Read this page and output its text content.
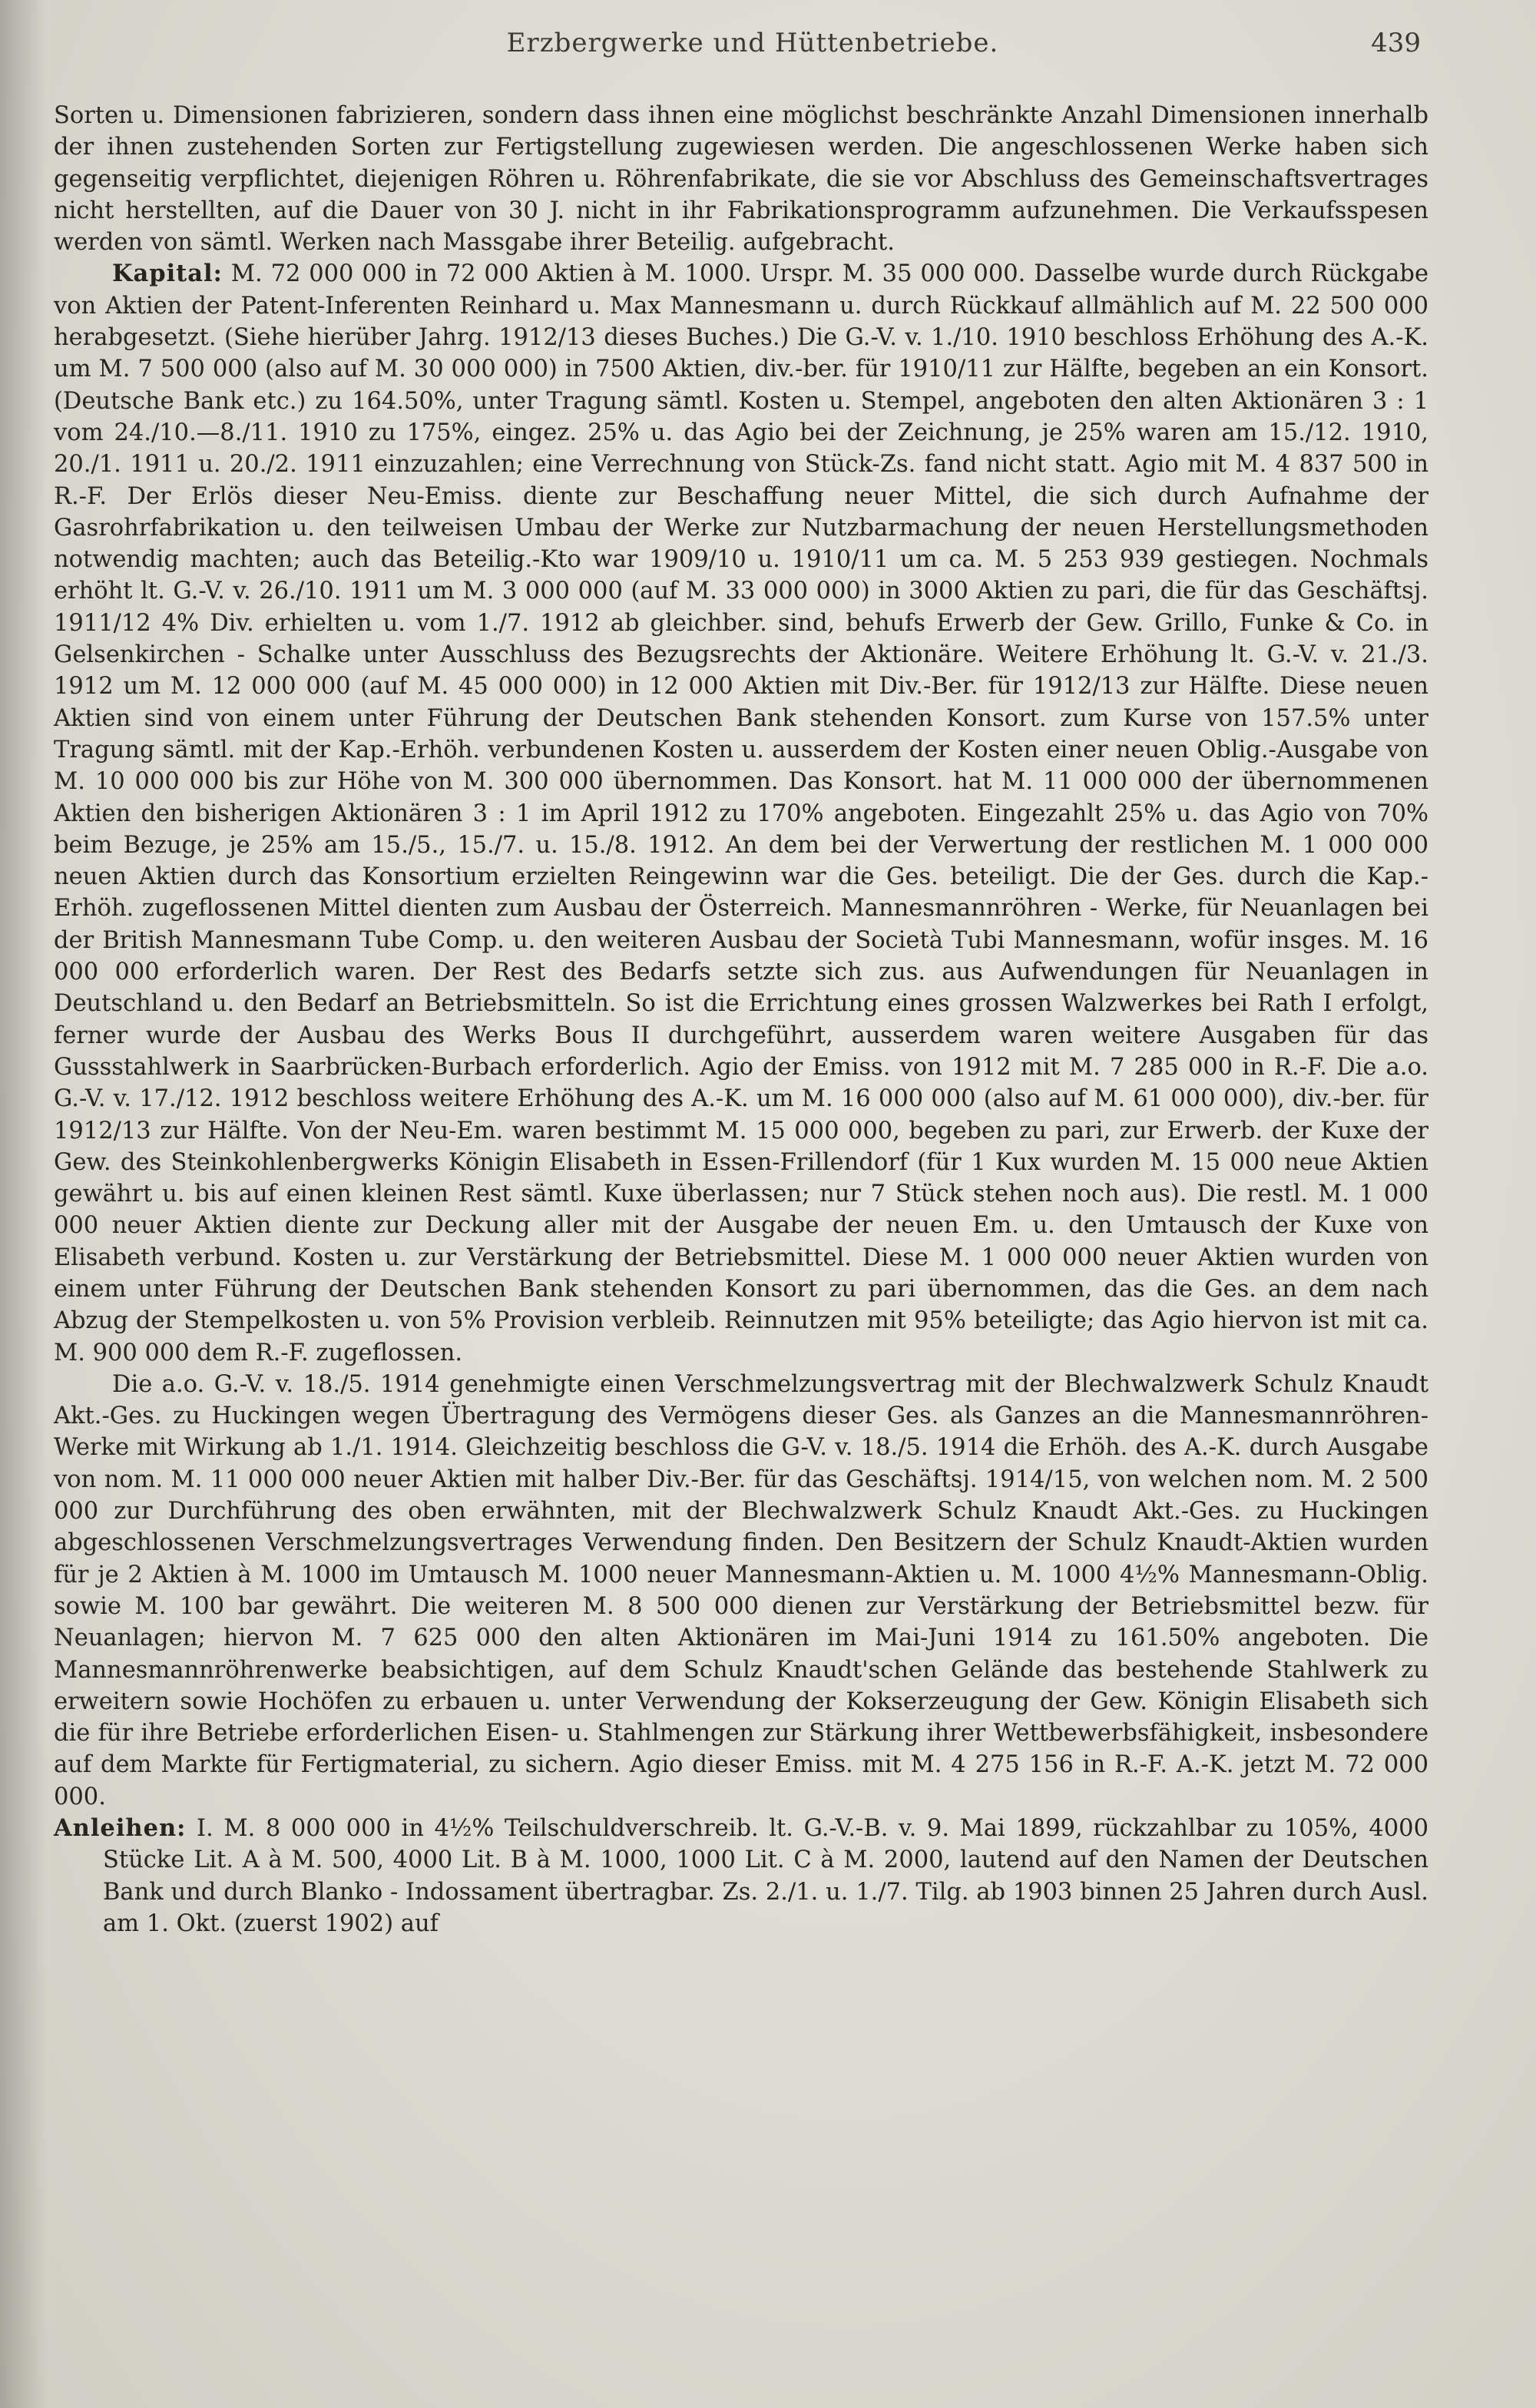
Erzbergwerke und Hüttenbetriebe.	439

Sorten u. Dimensionen fabrizieren, sondern dass ihnen eine möglichst beschränkte Anzahl Dimensionen innerhalb der ihnen zustehenden Sorten zur Fertigstellung zugewiesen werden. Die angeschlossenen Werke haben sich gegenseitig verpflichtet, diejenigen Röhren u. Röhrenfabrikate, die sie vor Abschluss des Gemeinschaftsvertrages nicht herstellten, auf die Dauer von 30 J. nicht in ihr Fabrikationsprogramm aufzunehmen. Die Verkaufsspesen werden von sämtl. Werken nach Massgabe ihrer Beteilig. aufgebracht.

Kapital: M. 72 000 000 in 72 000 Aktien à M. 1000. Urspr. M. 35 000 000. Dasselbe wurde durch Rückgabe von Aktien der Patent-Inferenten Reinhard u. Max Mannesmann u. durch Rückkauf allmählich auf M. 22 500 000 herabgesetzt. (Siehe hierüber Jahrg. 1912/13 dieses Buches.) Die G.-V. v. 1./10. 1910 beschloss Erhöhung des A.-K. um M. 7 500 000 (also auf M. 30 000 000) in 7500 Aktien, div.-ber. für 1910/11 zur Hälfte, begeben an ein Konsort. (Deutsche Bank etc.) zu 164.50%, unter Tragung sämtl. Kosten u. Stempel, angeboten den alten Aktionären 3 : 1 vom 24./10.—8./11. 1910 zu 175%, eingez. 25% u. das Agio bei der Zeichnung, je 25% waren am 15./12. 1910, 20./1. 1911 u. 20./2. 1911 einzuzahlen; eine Verrechnung von Stück-Zs. fand nicht statt. Agio mit M. 4 837 500 in R.-F. Der Erlös dieser Neu-Emiss. diente zur Beschaffung neuer Mittel, die sich durch Aufnahme der Gasrohrfabrikation u. den teilweisen Umbau der Werke zur Nutzbarmachung der neuen Herstellungsmethoden notwendig machten; auch das Beteilig.-Kto war 1909/10 u. 1910/11 um ca. M. 5 253 939 gestiegen. Nochmals erhöht lt. G.-V. v. 26./10. 1911 um M. 3 000 000 (auf M. 33 000 000) in 3000 Aktien zu pari, die für das Geschäftsj. 1911/12 4% Div. erhielten u. vom 1./7. 1912 ab gleichber. sind, behufs Erwerb der Gew. Grillo, Funke & Co. in Gelsenkirchen - Schalke unter Ausschluss des Bezugsrechts der Aktionäre. Weitere Erhöhung lt. G.-V. v. 21./3. 1912 um M. 12 000 000 (auf M. 45 000 000) in 12 000 Aktien mit Div.-Ber. für 1912/13 zur Hälfte. Diese neuen Aktien sind von einem unter Führung der Deutschen Bank stehenden Konsort. zum Kurse von 157.5% unter Tragung sämtl. mit der Kap.-Erhöh. verbundenen Kosten u. ausserdem der Kosten einer neuen Oblig.-Ausgabe von M. 10 000 000 bis zur Höhe von M. 300 000 übernommen. Das Konsort. hat M. 11 000 000 der übernommenen Aktien den bisherigen Aktionären 3 : 1 im April 1912 zu 170% angeboten. Eingezahlt 25% u. das Agio von 70% beim Bezuge, je 25% am 15./5., 15./7. u. 15./8. 1912. An dem bei der Verwertung der restlichen M. 1 000 000 neuen Aktien durch das Konsortium erzielten Reingewinn war die Ges. beteiligt. Die der Ges. durch die Kap.-Erhöh. zugeflossenen Mittel dienten zum Ausbau der Österreich. Mannesmannröhren - Werke, für Neuanlagen bei der British Mannesmann Tube Comp. u. den weiteren Ausbau der Società Tubi Mannesmann, wofür insges. M. 16 000 000 erforderlich waren. Der Rest des Bedarfs setzte sich zus. aus Aufwendungen für Neuanlagen in Deutschland u. den Bedarf an Betriebsmitteln. So ist die Errichtung eines grossen Walzwerkes bei Rath I erfolgt, ferner wurde der Ausbau des Werks Bous II durchgeführt, ausserdem waren weitere Ausgaben für das Gussstahlwerk in Saarbrücken-Burbach erforderlich. Agio der Emiss. von 1912 mit M. 7 285 000 in R.-F. Die a.o. G.-V. v. 17./12. 1912 beschloss weitere Erhöhung des A.-K. um M. 16 000 000 (also auf M. 61 000 000), div.-ber. für 1912/13 zur Hälfte. Von der Neu-Em. waren bestimmt M. 15 000 000, begeben zu pari, zur Erwerb. der Kuxe der Gew. des Steinkohlenbergwerks Königin Elisabeth in Essen-Frillendorf (für 1 Kux wurden M. 15 000 neue Aktien gewährt u. bis auf einen kleinen Rest sämtl. Kuxe überlassen; nur 7 Stück stehen noch aus). Die restl. M. 1 000 000 neuer Aktien diente zur Deckung aller mit der Ausgabe der neuen Em. u. den Umtausch der Kuxe von Elisabeth verbund. Kosten u. zur Verstärkung der Betriebsmittel. Diese M. 1 000 000 neuer Aktien wurden von einem unter Führung der Deutschen Bank stehenden Konsort zu pari übernommen, das die Ges. an dem nach Abzug der Stempelkosten u. von 5% Provision verbleib. Reinnutzen mit 95% beteiligte; das Agio hiervon ist mit ca. M. 900 000 dem R.-F. zugeflossen.

Die a.o. G.-V. v. 18./5. 1914 genehmigte einen Verschmelzungsvertrag mit der Blechwalzwerk Schulz Knaudt Akt.-Ges. zu Huckingen wegen Übertragung des Vermögens dieser Ges. als Ganzes an die Mannesmannröhren-Werke mit Wirkung ab 1./1. 1914. Gleichzeitig beschloss die G-V. v. 18./5. 1914 die Erhöh. des A.-K. durch Ausgabe von nom. M. 11 000 000 neuer Aktien mit halber Div.-Ber. für das Geschäftsj. 1914/15, von welchen nom. M. 2 500 000 zur Durchführung des oben erwähnten, mit der Blechwalzwerk Schulz Knaudt Akt.-Ges. zu Huckingen abgeschlossenen Verschmelzungsvertrages Verwendung finden. Den Besitzern der Schulz Knaudt-Aktien wurden für je 2 Aktien à M. 1000 im Umtausch M. 1000 neuer Mannesmann-Aktien u. M. 1000 4½% Mannesmann-Oblig. sowie M. 100 bar gewährt. Die weiteren M. 8 500 000 dienen zur Verstärkung der Betriebsmittel bezw. für Neuanlagen; hiervon M. 7 625 000 den alten Aktionären im Mai-Juni 1914 zu 161.50% angeboten. Die Mannesmannröhrenwerke beabsichtigen, auf dem Schulz Knaudt'schen Gelände das bestehende Stahlwerk zu erweitern sowie Hochöfen zu erbauen u. unter Verwendung der Kokserzeugung der Gew. Königin Elisabeth sich die für ihre Betriebe erforderlichen Eisen- u. Stahlmengen zur Stärkung ihrer Wettbewerbsfähigkeit, insbesondere auf dem Markte für Fertigmaterial, zu sichern. Agio dieser Emiss. mit M. 4 275 156 in R.-F. A.-K. jetzt M. 72 000 000.

Anleihen: I. M. 8 000 000 in 4½% Teilschuldverschreib. lt. G.-V.-B. v. 9. Mai 1899, rückzahlbar zu 105%, 4000 Stücke Lit. A à M. 500, 4000 Lit. B à M. 1000, 1000 Lit. C à M. 2000, lautend auf den Namen der Deutschen Bank und durch Blanko - Indossament übertragbar. Zs. 2./1. u. 1./7. Tilg. ab 1903 binnen 25 Jahren durch Ausl. am 1. Okt. (zuerst 1902) auf
